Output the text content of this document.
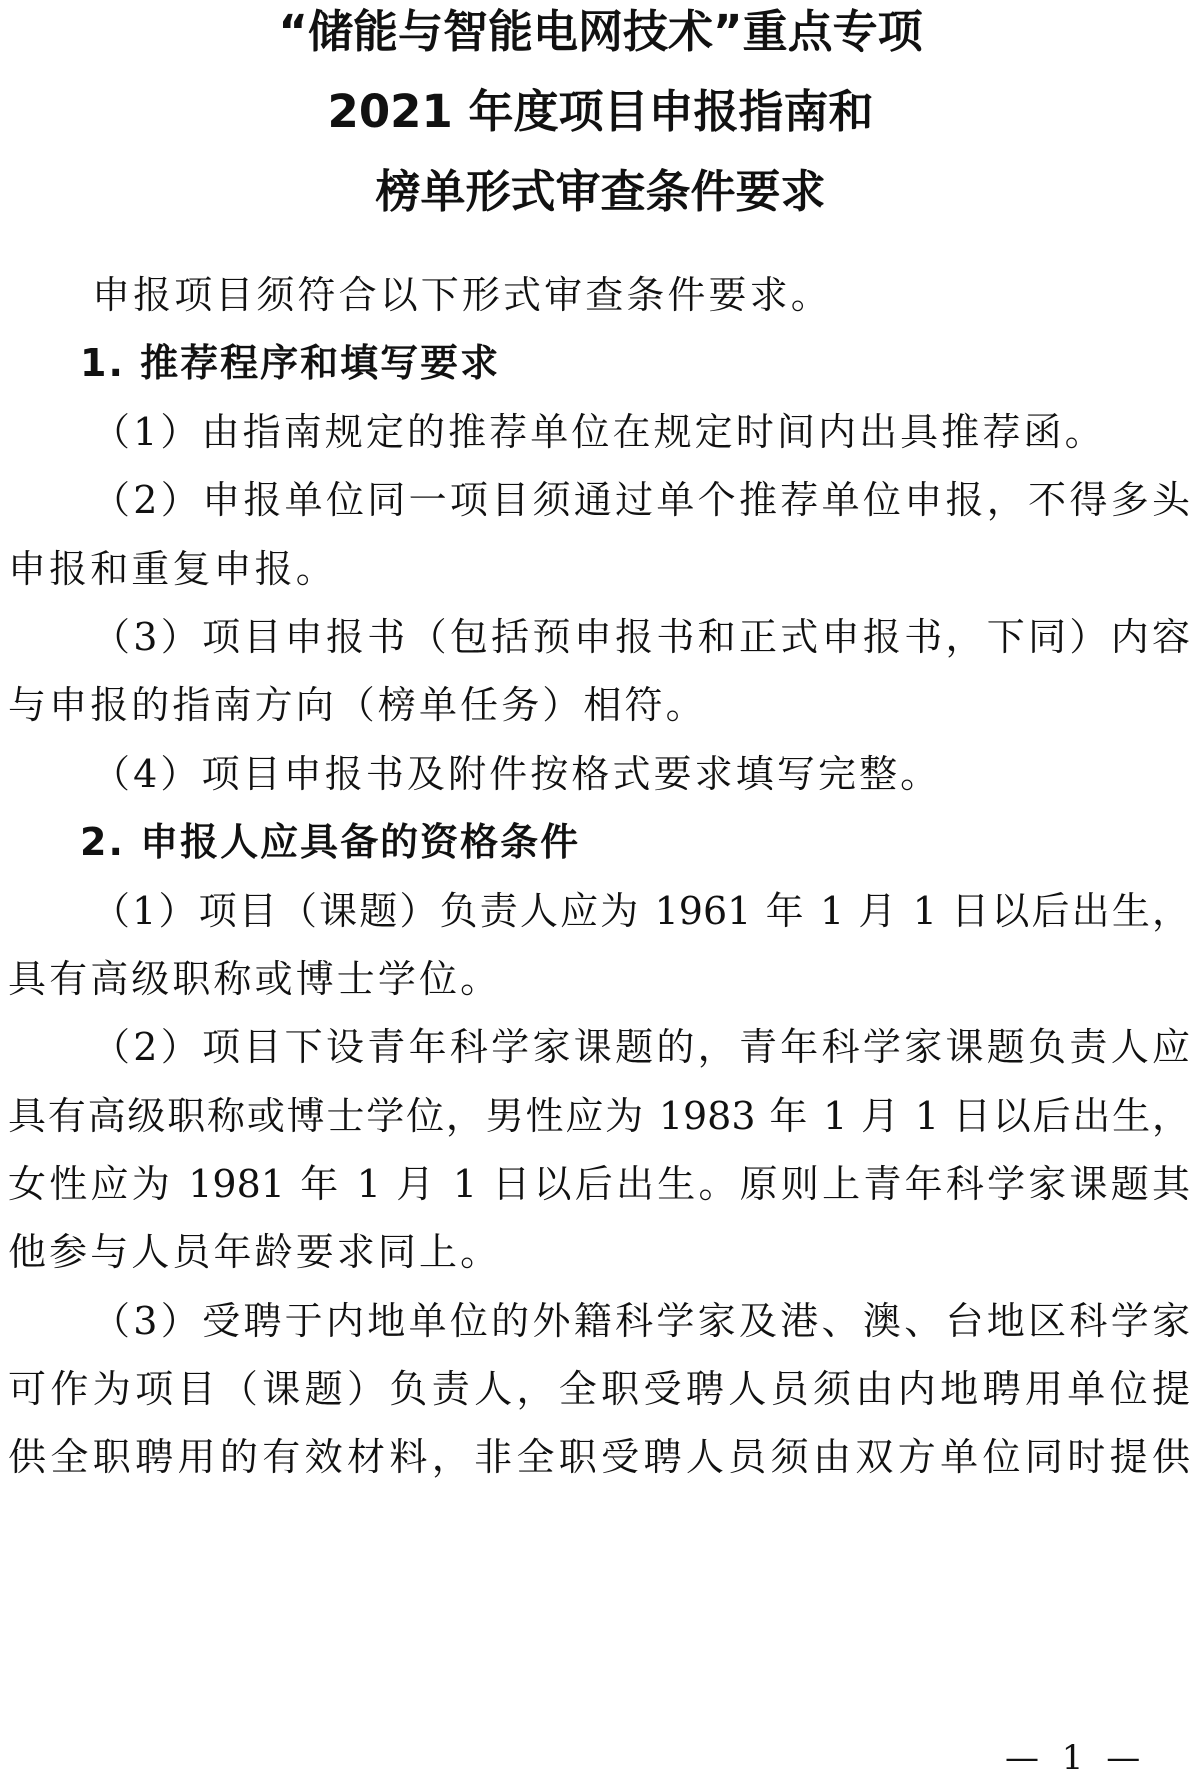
“储能与智能电网技术”重点专项
2021 年度项目申报指南和
榜单形式审查条件要求
申报项目须符合以下形式审查条件要求。
1. 推荐程序和填写要求
（1）由指南规定的推荐单位在规定时间内出具推荐函。
（2）申报单位同一项目须通过单个推荐单位申报，不得多头
申报和重复申报。
（3）项目申报书（包括预申报书和正式申报书，下同）内容
与申报的指南方向（榜单任务）相符。
（4）项目申报书及附件按格式要求填写完整。
2. 申报人应具备的资格条件
（1）项目（课题）负责人应为 1961 年 1 月 1 日以后出生，
具有高级职称或博士学位。
（2）项目下设青年科学家课题的，青年科学家课题负责人应
具有高级职称或博士学位，男性应为 1983 年 1 月 1 日以后出生，
女性应为 1981 年 1 月 1 日以后出生。原则上青年科学家课题其
他参与人员年龄要求同上。
（3）受聘于内地单位的外籍科学家及港、澳、台地区科学家
可作为项目（课题）负责人，全职受聘人员须由内地聘用单位提
供全职聘用的有效材料，非全职受聘人员须由双方单位同时提供
— 1 —
